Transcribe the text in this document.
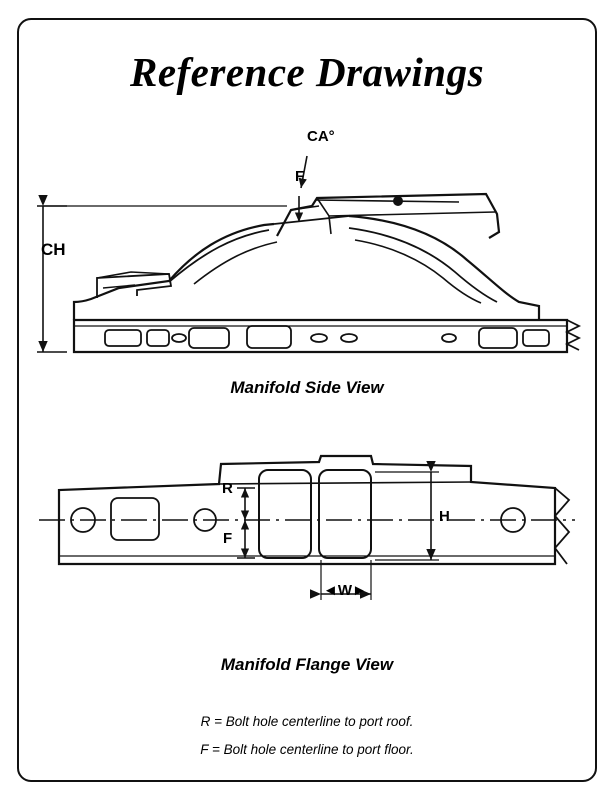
Reference Drawings
CA°
F
CH
R
F
H
◄W►
Manifold Side View
Manifold Flange View
R = Bolt hole centerline to port roof.
F = Bolt hole centerline to port floor.
